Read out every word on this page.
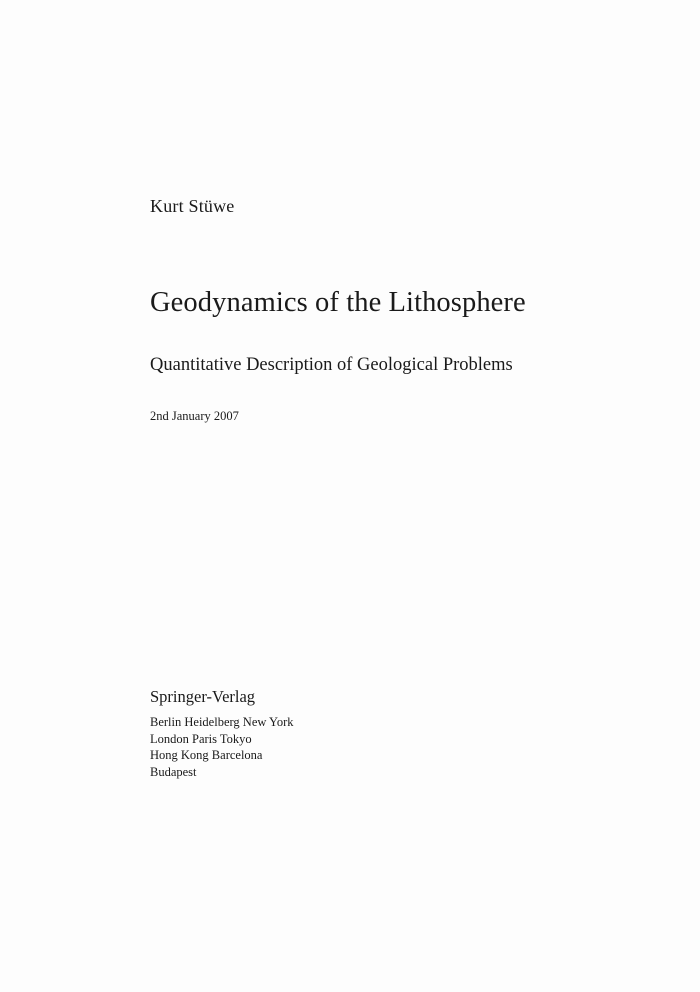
Kurt Stüwe
Geodynamics of the Lithosphere
Quantitative Description of Geological Problems
2nd January 2007
Springer-Verlag
Berlin Heidelberg New York
London Paris Tokyo
Hong Kong Barcelona
Budapest
